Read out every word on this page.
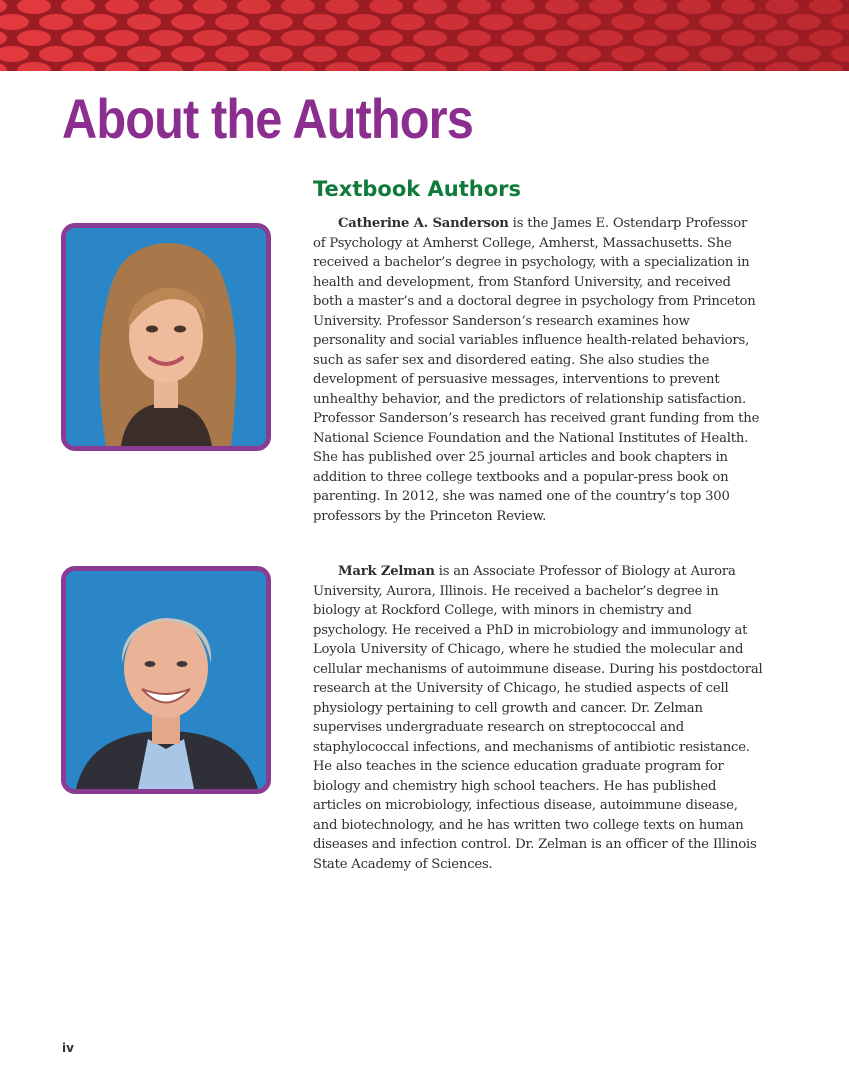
About the Authors
Textbook Authors

Catherine A. Sanderson is the James E. Ostendarp Professor of Psychology at Amherst College, Amherst, Massachusetts. She received a bachelor’s degree in psychology, with a specialization in health and development, from Stanford University, and received both a master’s and a doctoral degree in psychology from Princeton University. Professor Sanderson’s research examines how personality and social variables influence health-related behaviors, such as safer sex and disordered eating. She also studies the development of persuasive messages, interventions to prevent unhealthy behavior, and the predictors of relationship satisfaction. Professor Sanderson’s research has received grant funding from the National Science Foundation and the National Institutes of Health. She has published over 25 journal articles and book chapters in addition to three college textbooks and a popular-press book on parenting. In 2012, she was named one of the country’s top 300 professors by the Princeton Review.

Mark Zelman is an Associate Professor of Biology at Aurora University, Aurora, Illinois. He received a bachelor’s degree in biology at Rockford College, with minors in chemistry and psychology. He received a PhD in microbiology and immunology at Loyola University of Chicago, where he studied the molecular and cellular mechanisms of autoimmune disease. During his postdoctoral research at the University of Chicago, he studied aspects of cell physiology pertaining to cell growth and cancer. Dr. Zelman supervises undergraduate research on streptococcal and staphylococcal infections, and mechanisms of antibiotic resistance. He also teaches in the science education graduate program for biology and chemistry high school teachers. He has published articles on microbiology, infectious disease, autoimmune disease, and biotechnology, and he has written two college texts on human diseases and infection control. Dr. Zelman is an officer of the Illinois State Academy of Sciences.

iv
